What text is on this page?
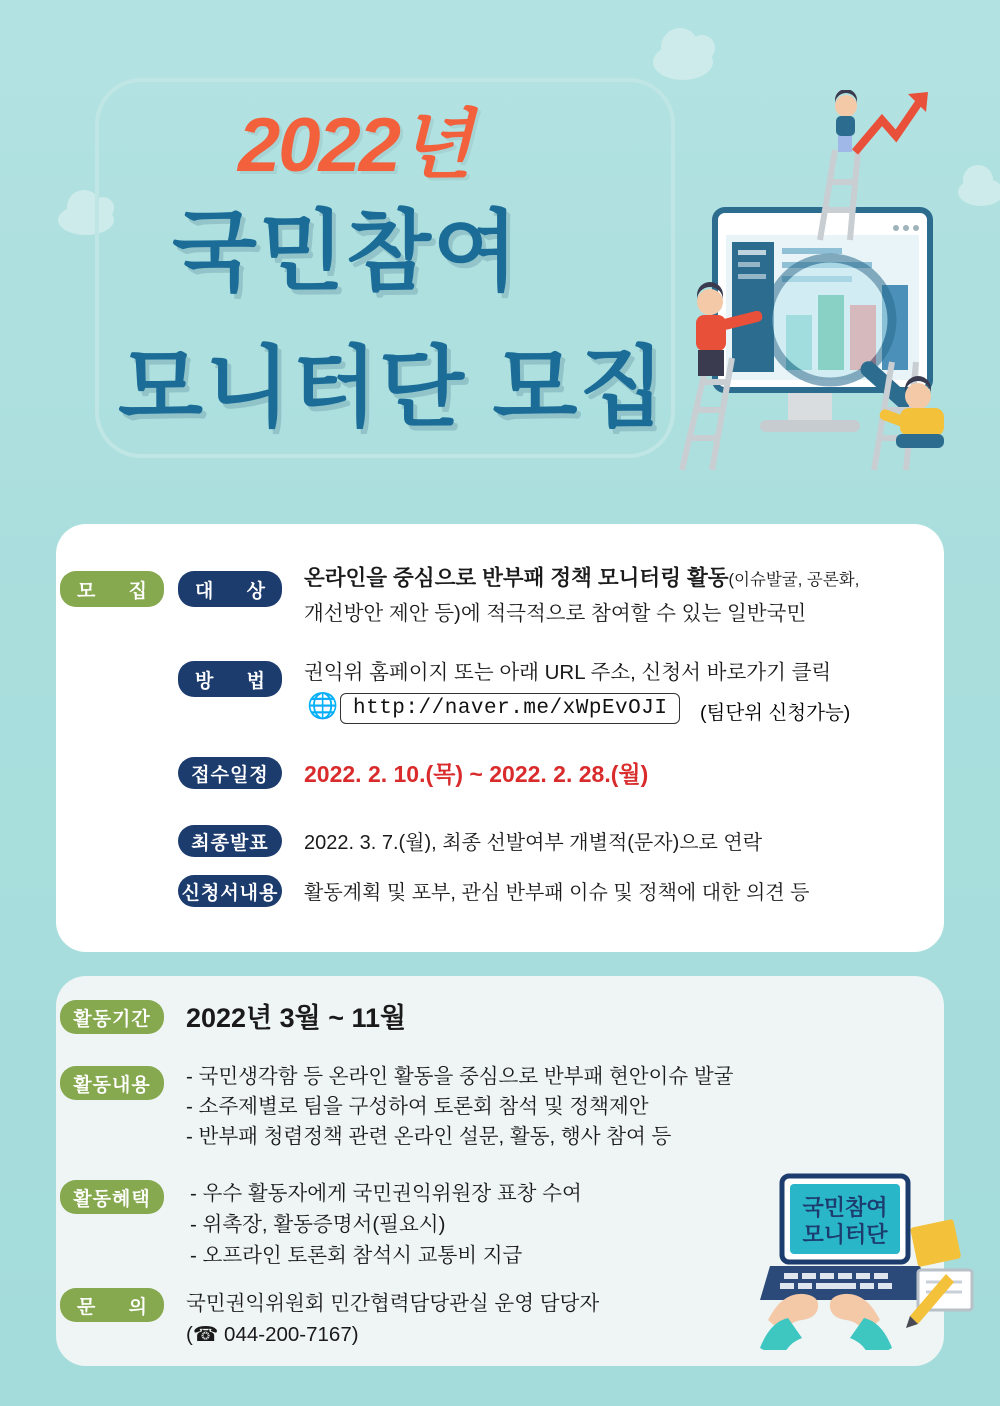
2022년
국민참여
모니터단 모집
모 집	대 상
방 법
접수일정
최종발표
신청서내용
온라인을 중심으로 반부패 정책 모니터링 활동(이슈발굴, 공론화,
개선방안 제안 등)에 적극적으로 참여할 수 있는 일반국민
권익위 홈페이지 또는 아래 URL 주소, 신청서 바로가기 클릭
🌐 http://naver.me/xWpEvOJI	(팀단위 신청가능)
2022. 2. 10.(목) ~ 2022. 2. 28.(월)
2022. 3. 7.(월), 최종 선발여부 개별적(문자)으로 연락
활동계획 및 포부, 관심 반부패 이슈 및 정책에 대한 의견 등
활동기간
활동내용
활동혜택
문 의
2022년 3월 ~ 11월
- 국민생각함 등 온라인 활동을 중심으로 반부패 현안이슈 발굴
- 소주제별로 팀을 구성하여 토론회 참석 및 정책제안
- 반부패 청렴정책 관련 온라인 설문, 활동, 행사 참여 등
- 우수 활동자에게 국민권익위원장 표창 수여
- 위촉장, 활동증명서(필요시)
- 오프라인 토론회 참석시 교통비 지급
국민권익위원회 민간협력담당관실 운영 담당자
(☎ 044-200-7167)
국민참여
모니터단
